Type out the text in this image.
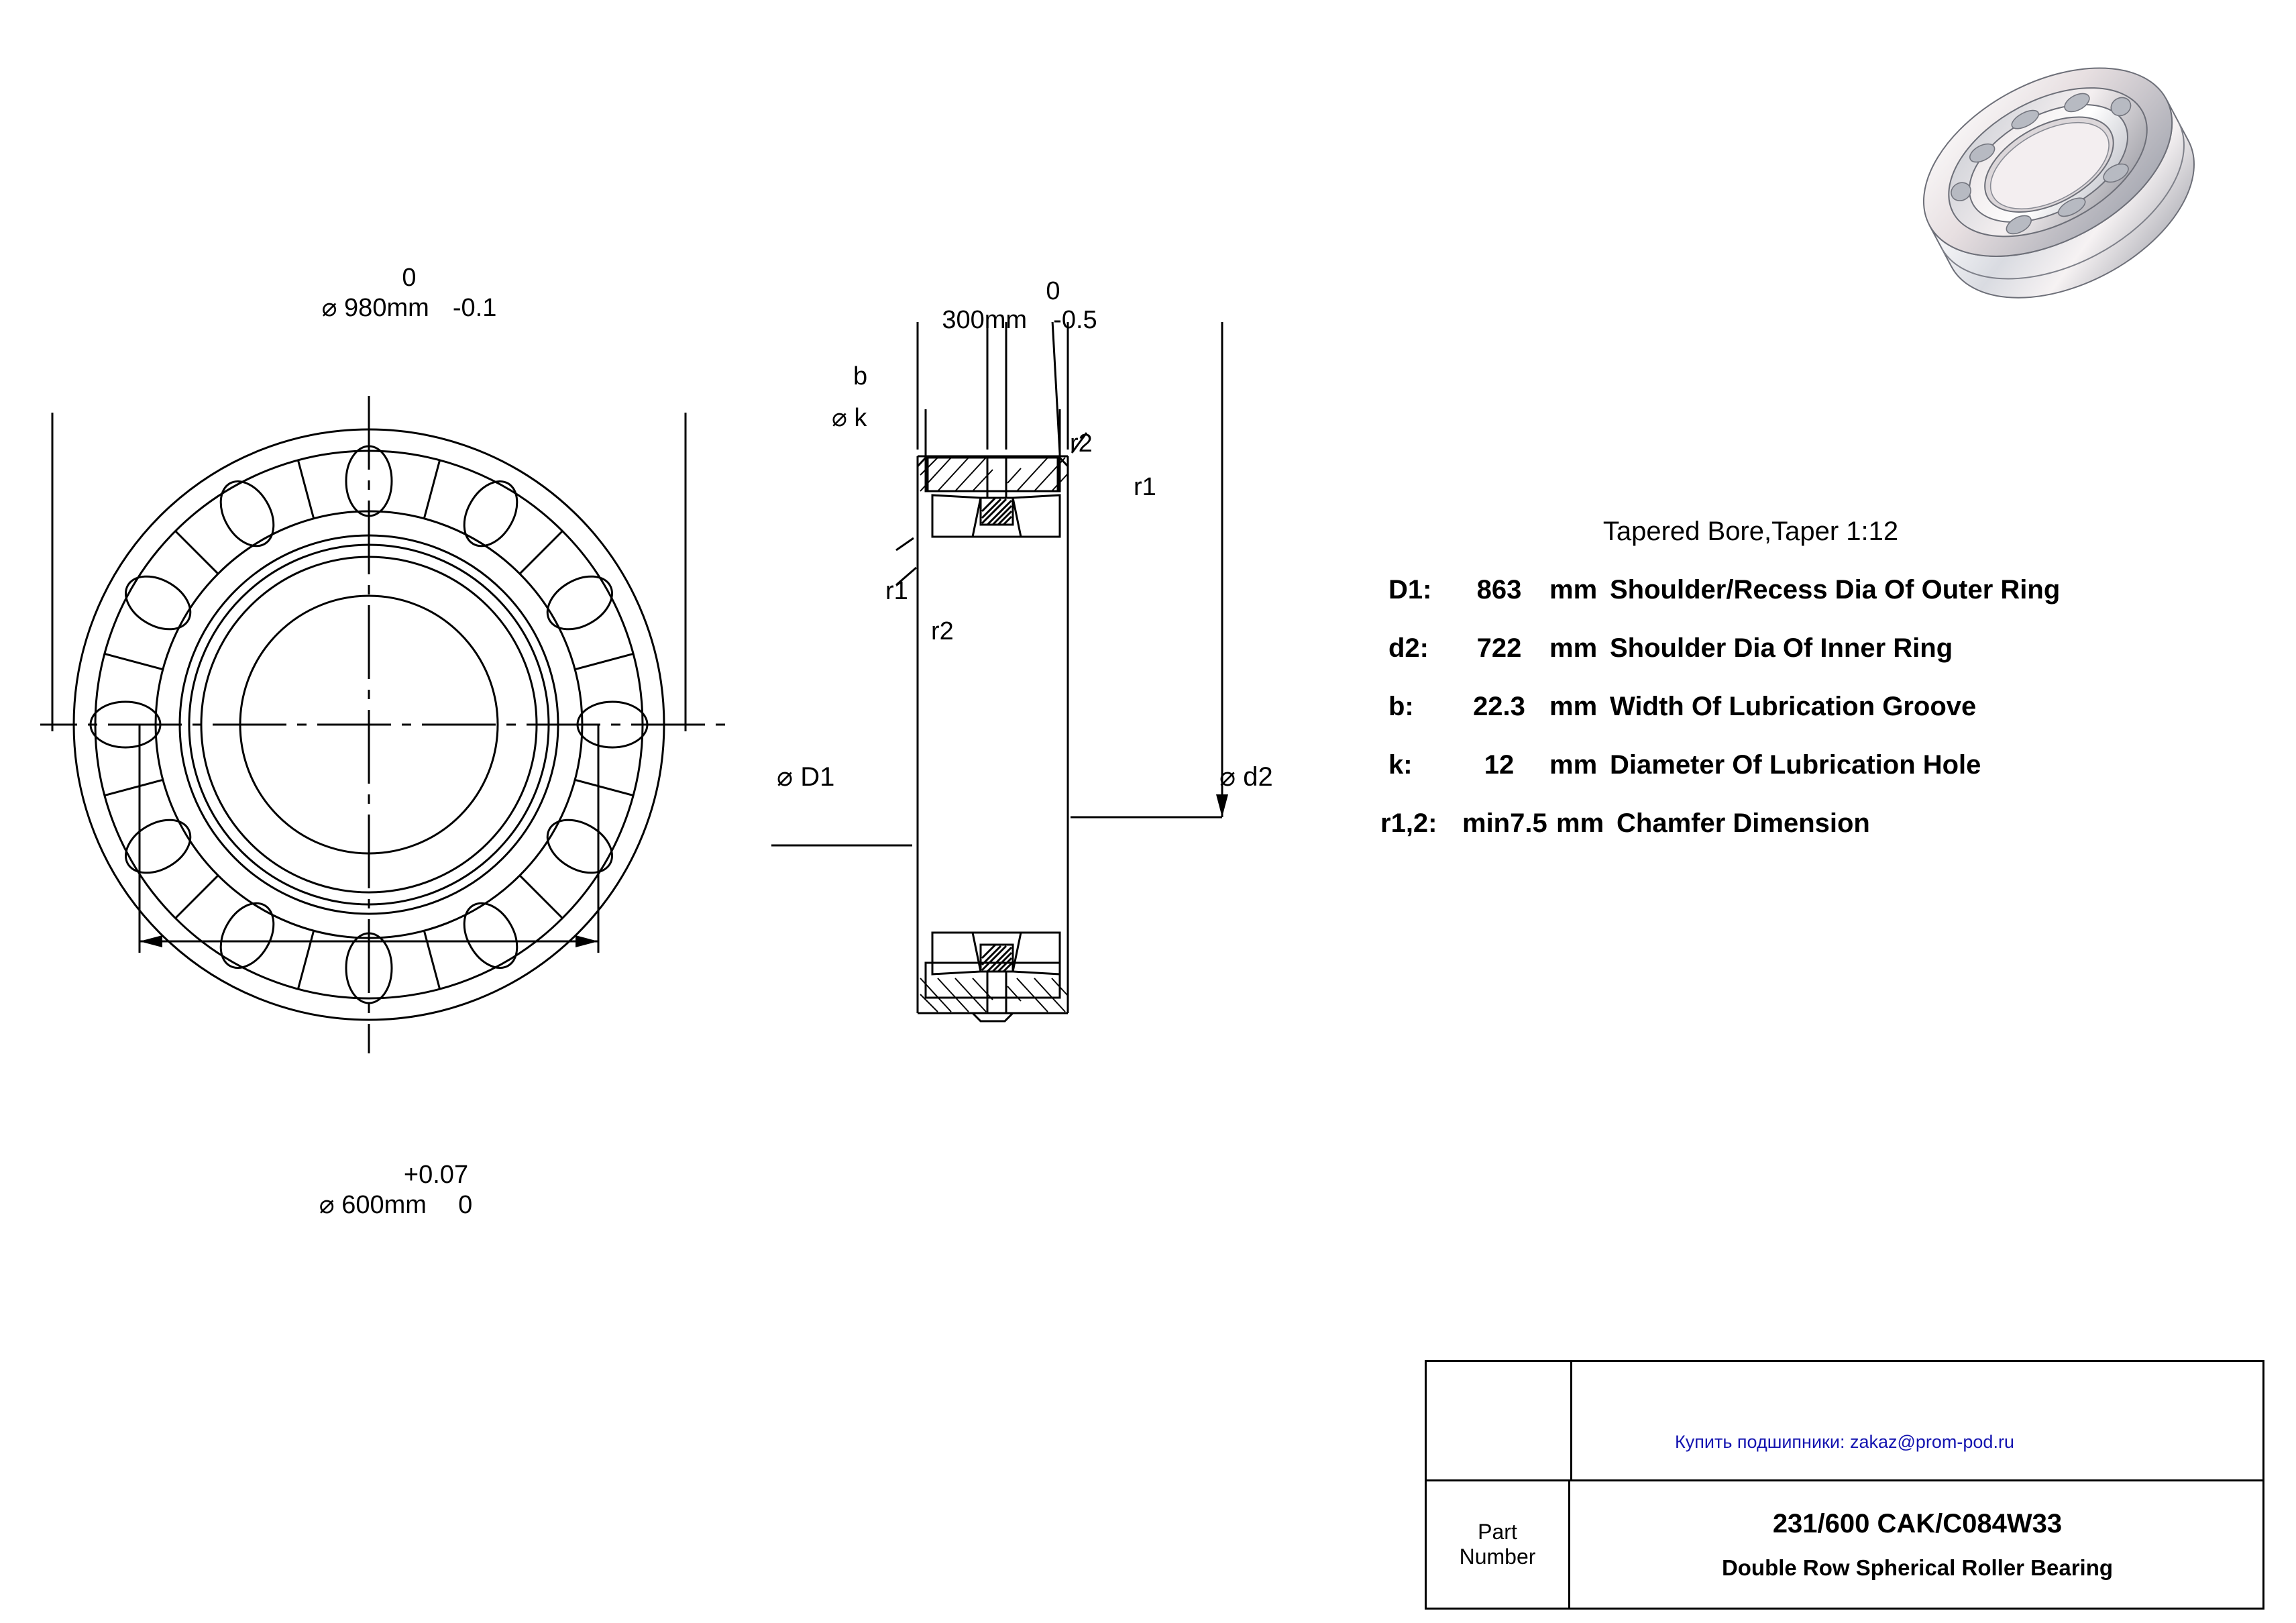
0
⌀ 980mm -0.1
+0.07
⌀ 600mm 0
0
300mm -0.5
b
⌀ k
r2
r1
r1
r2
⌀ D1	⌀ d2
Tapered Bore,Taper 1:12
D1:	863	mm Shoulder/Recess Dia Of Outer Ring
d2:	722	mm Shoulder Dia Of Inner Ring
b:	22.3 mm Width Of Lubrication Groove
k:	12	mm Diameter Of Lubrication Hole
r1,2: min7.5 mm Chamfer Dimension
Купить подшипники: zakaz@prom-pod.ru
Part
Number
231/600 CAK/C084W33
Double Row Spherical Roller Bearing
